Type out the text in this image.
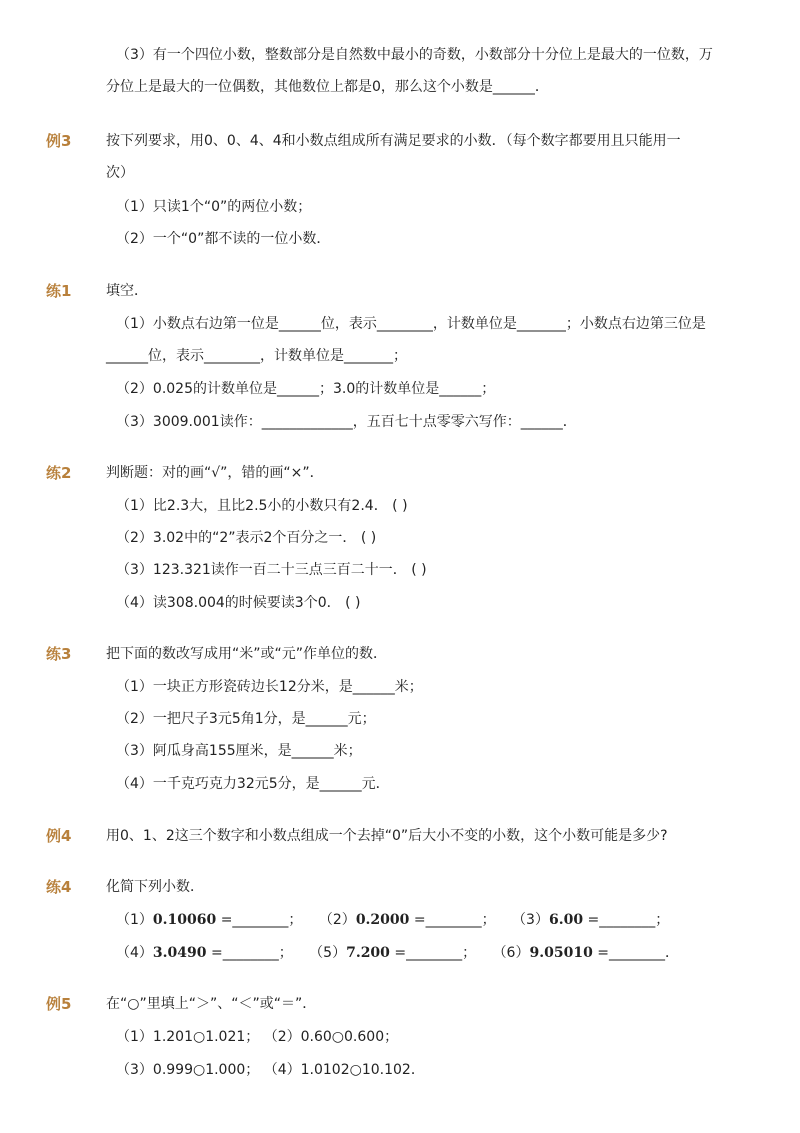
（3）有一个四位小数，整数部分是自然数中最小的奇数，小数部分十分位上是最大的一位数，万
分位上是最大的一位偶数，其他数位上都是0，那么这个小数是______．
例3 按下列要求，用0、0、4、4和小数点组成所有满足要求的小数．（每个数字都要用且只能用一
次）
（1）只读1个“0”的两位小数；
（2）一个“0”都不读的一位小数．
练1 填空．
（1）小数点右边第一位是______位，表示________，计数单位是_______；小数点右边第三位是
______位，表示________，计数单位是_______；
（2）0.025的计数单位是______；3.0的计数单位是______；
（3）3009.001读作：_____________，五百七十点零零六写作：______．
练2 判断题：对的画“√”，错的画“×”．
（1）比2.3大，且比2.5小的小数只有2.4． ( )
（2）3.02中的“2”表示2个百分之一． ( )
（3）123.321读作一百二十三点三百二十一． ( )
（4）读308.004的时候要读3个0． ( )
练3 把下面的数改写成用“米”或“元”作单位的数．
（1）一块正方形瓷砖边长12分米，是______米；
（2）一把尺子3元5角1分，是______元；
（3）阿瓜身高155厘米，是______米；
（4）一千克巧克力32元5分，是______元．
例4 用0、1、2这三个数字和小数点组成一个去掉“0”后大小不变的小数，这个小数可能是多少?
练4 化简下列小数．
（1）0.10060 =________； （2）0.2000 =________； （3）6.00 =________；
（4）3.0490 =________； （5）7.200 =________； （6）9.05010 =________．
例5 在“○”里填上“＞”、“＜”或“＝”．
（1）1.201○1.021； （2）0.60○0.600；
（3）0.999○1.000； （4）1.0102○10.102．
